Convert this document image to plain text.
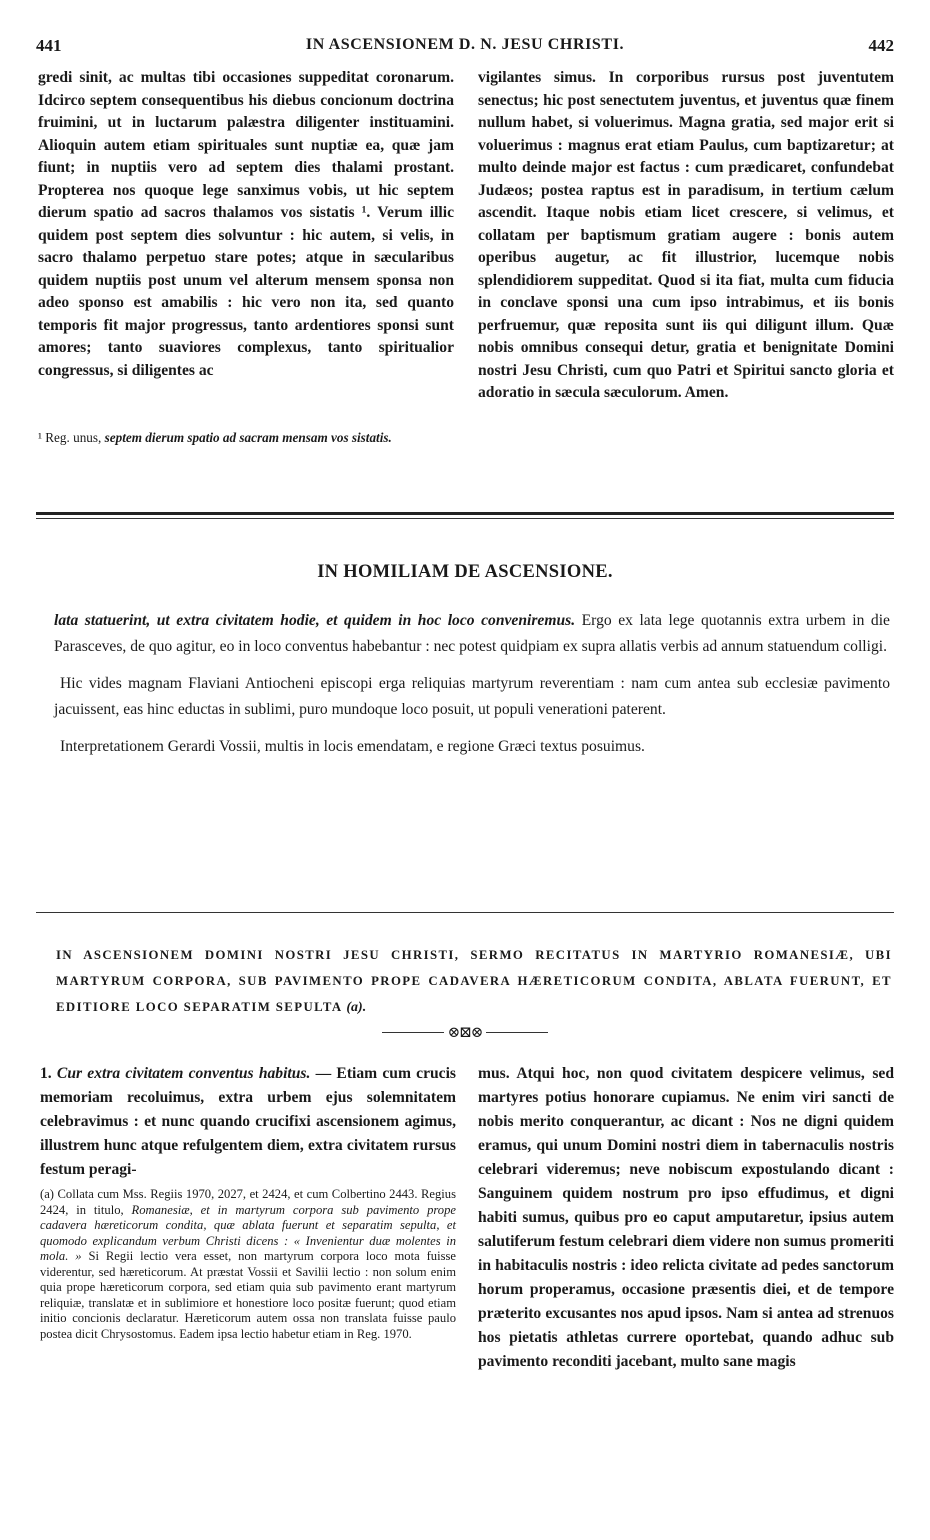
441	IN ASCENSIONEM D. N. JESU CHRISTI.	442

gredi sinit, ac multas tibi occasiones suppeditat coronarum. Idcirco septem consequentibus his diebus concionum doctrina fruimini, ut in luctarum palæstra diligenter instituamini. Alioquin autem etiam spirituales sunt nuptiæ ea, quæ jam fiunt; in nuptiis vero ad septem dies thalami prostant. Propterea nos quoque lege sanximus vobis, ut hic septem dierum spatio ad sacros thalamos vos sistatis ¹. Verum illic quidem post septem dies solvuntur : hic autem, si velis, in sacro thalamo perpetuo stare potes; atque in sæcularibus quidem nuptiis post unum vel alterum mensem sponsa non adeo sponso est amabilis : hic vero non ita, sed quanto temporis fit major progressus, tanto ardentiores sponsi sunt amores; tanto suaviores complexus, tanto spiritualior congressus, si diligentes ac

vigilantes simus. In corporibus rursus post juventutem senectus; hic post senectutem juventus, et juventus quæ finem nullum habet, si voluerimus. Magna gratia, sed major erit si voluerimus : magnus erat etiam Paulus, cum baptizaretur; at multo deinde major est factus : cum prædicaret, confundebat Judæos; postea raptus est in paradisum, in tertium cælum ascendit. Itaque nobis etiam licet crescere, si velimus, et collatam per baptismum gratiam augere : bonis autem operibus augetur, ac fit illustrior, lucemque nobis splendidiorem suppeditat. Quod si ita fiat, multa cum fiducia in conclave sponsi una cum ipso intrabimus, et iis bonis perfruemur, quæ reposita sunt iis qui diligunt illum. Quæ nobis omnibus consequi detur, gratia et benignitate Domini nostri Jesu Christi, cum quo Patri et Spiritui sancto gloria et adoratio in sæcula sæculorum. Amen.

¹ Reg. unus, septem dierum spatio ad sacram mensam vos sistatis.
IN HOMILIAM DE ASCENSIONE.

lata statuerint, ut extra civitatem hodie, et quidem in hoc loco conveniremus. Ergo ex lata lege quotannis extra urbem in die Parasceves, de quo agitur, eo in loco conventus habebantur : nec potest quidpiam ex supra allatis verbis ad annum statuendum colligi.

Hic vides magnam Flaviani Antiocheni episcopi erga reliquias martyrum reverentiam : nam cum antea sub ecclesiæ pavimento jacuissent, eas hinc eductas in sublimi, puro mundoque loco posuit, ut populi venerationi paterent.

Interpretationem Gerardi Vossii, multis in locis emendatam, e regione Græci textus posuimus.

IN ASCENSIONEM DOMINI NOSTRI JESU CHRISTI, SERMO RECITATUS IN MARTYRIO ROMANESIÆ, UBI MARTYRUM CORPORA, SUB PAVIMENTO PROPE CADAVERA HÆRETICORUM CONDITA, ABLATA FUERUNT, ET EDITIORE LOCO SEPARATIM SEPULTA (a).
⊗⊠⊗

1. Cur extra civitatem conventus habitus. — Etiam cum crucis memoriam recoluimus, extra urbem ejus solemnitatem celebravimus : et nunc quando crucifixi ascensionem agimus, illustrem hunc atque refulgentem diem, extra civitatem rursus festum peragi-

(a) Collata cum Mss. Regiis 1970, 2027, et 2424, et cum Colbertino 2443. Regius 2424, in titulo, Romanesiæ, et in martyrum corpora sub pavimento prope cadavera hæreticorum condita, quæ ablata fuerunt et separatim sepulta, et quomodo explicandum verbum Christi dicens : « Invenientur duæ molentes in mola. » Si Regii lectio vera esset, non martyrum corpora loco mota fuisse viderentur, sed hæreticorum. At præstat Vossii et Savilii lectio : non solum enim quia prope hæreticorum corpora, sed etiam quia sub pavimento erant martyrum reliquiæ, translatæ et in sublimiore et honestiore loco positæ fuerunt; quod etiam initio concionis declaratur. Hæreticorum autem ossa non translata fuisse paulo postea dicit Chrysostomus. Eadem ipsa lectio habetur etiam in Reg. 1970.

mus. Atqui hoc, non quod civitatem despicere velimus, sed martyres potius honorare cupiamus. Ne enim viri sancti de nobis merito conquerantur, ac dicant : Nos ne digni quidem eramus, qui unum Domini nostri diem in tabernaculis nostris celebrari videremus; neve nobiscum expostulando dicant : Sanguinem quidem nostrum pro ipso effudimus, et digni habiti sumus, quibus pro eo caput amputaretur, ipsius autem salutiferum festum celebrari diem videre non sumus promeriti in habitaculis nostris : ideo relicta civitate ad pedes sanctorum horum properamus, occasione præsentis diei, et de tempore præterito excusantes nos apud ipsos. Nam si antea ad strenuos hos pietatis athletas currere oportebat, quando adhuc sub pavimento reconditi jacebant, multo sane magis
